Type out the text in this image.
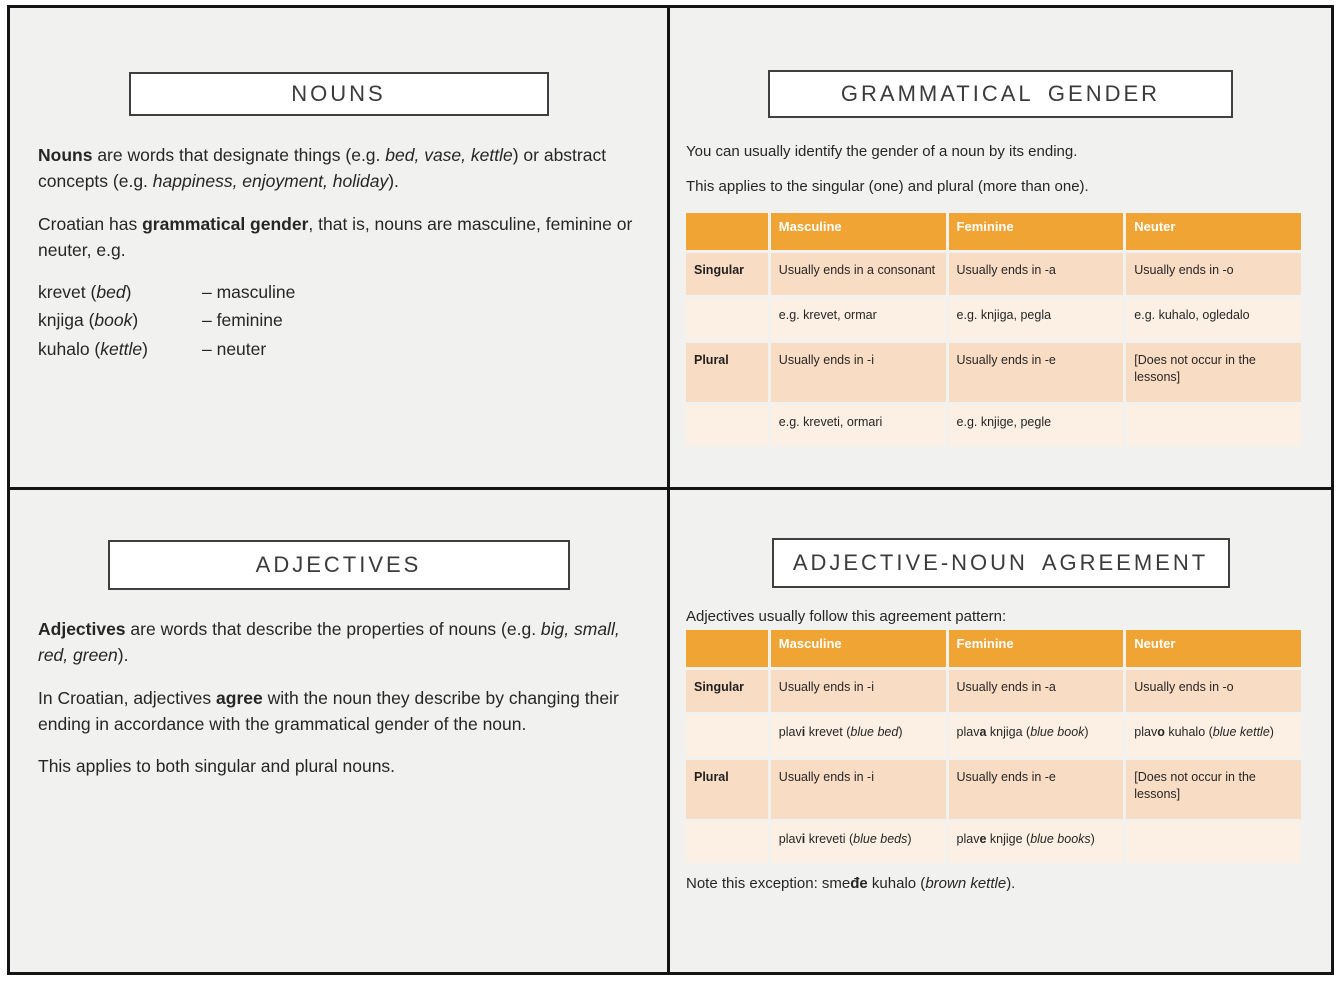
NOUNS

Nouns are words that designate things (e.g. bed, vase, kettle) or abstract concepts (e.g. happiness, enjoyment, holiday).

Croatian has grammatical gender, that is, nouns are masculine, feminine or neuter, e.g.

krevet (bed)	– masculine
knjiga (book)	– feminine
kuhalo (kettle)	– neuter
GRAMMATICAL GENDER

You can usually identify the gender of a noun by its ending.

This applies to the singular (one) and plural (more than one).

	Masculine	Feminine	Neuter
Singular	Usually ends in a consonant	Usually ends in -a	Usually ends in -o
	e.g. krevet, ormar	e.g. knjiga, pegla	e.g. kuhalo, ogledalo
Plural	Usually ends in -i	Usually ends in -e	[Does not occur in the lessons]
	e.g. kreveti, ormari	e.g. knjige, pegle	
ADJECTIVES

Adjectives are words that describe the properties of nouns (e.g. big, small, red, green).

In Croatian, adjectives agree with the noun they describe by changing their ending in accordance with the grammatical gender of the noun.

This applies to both singular and plural nouns.

ADJECTIVE-NOUN AGREEMENT

Adjectives usually follow this agreement pattern:

	Masculine	Feminine	Neuter
Singular	Usually ends in -i	Usually ends in -a	Usually ends in -o
	plavi krevet (blue bed)	plava knjiga (blue book)	plavo kuhalo (blue kettle)
Plural	Usually ends in -i	Usually ends in -e	[Does not occur in the lessons]
	plavi kreveti (blue beds)	plave knjige (blue books)	

Note this exception: smeđe kuhalo (brown kettle).
